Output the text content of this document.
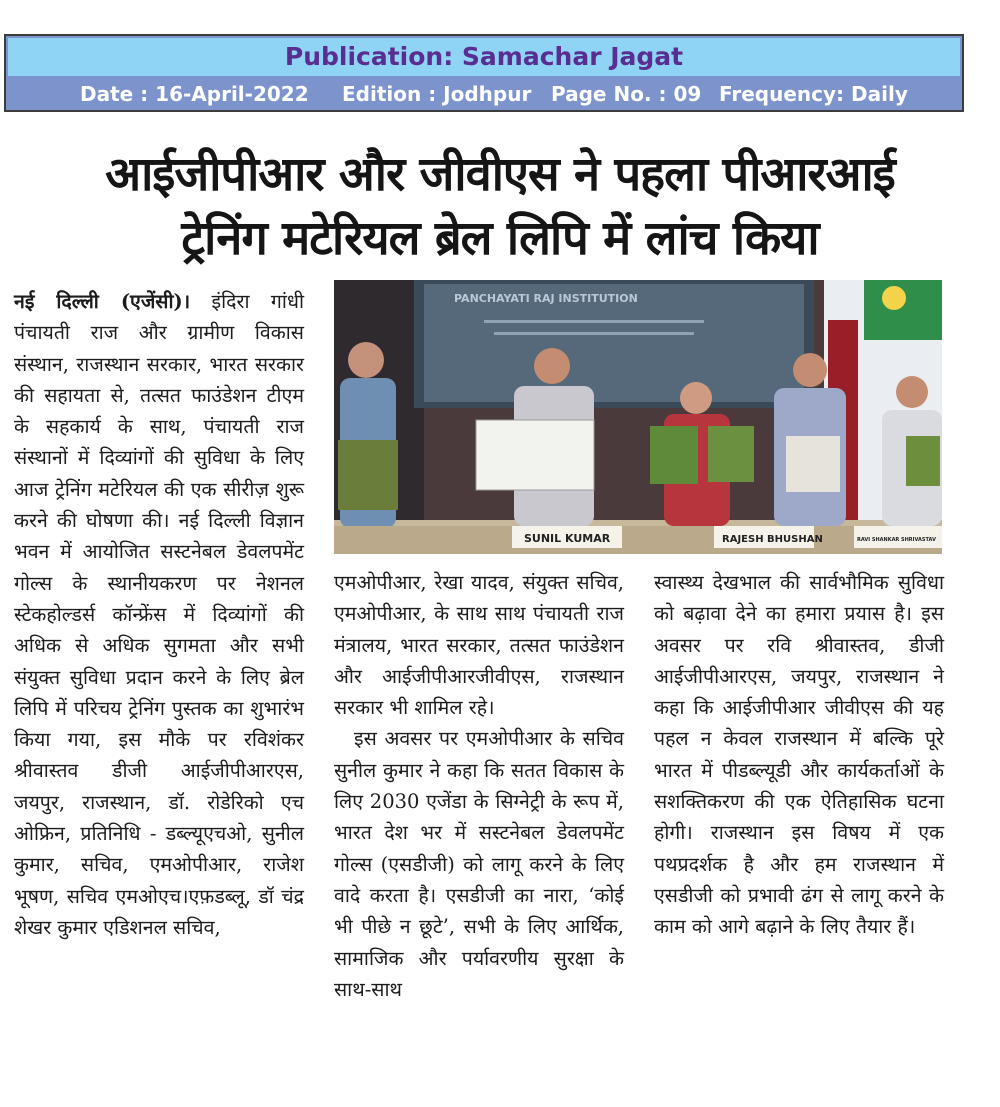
Publication: Samachar Jagat
Date : 16-April-2022 Edition : Jodhpur Page No. : 09 Frequency: Daily
आईजीपीआर और जीवीएस ने पहला पीआरआई
ट्रेनिंग मटेरियल ब्रेल लिपि में लांच किया

नई दिल्ली (एजेंसी)। इंदिरा गांधी पंचायती राज और ग्रामीण विकास संस्थान, राजस्थान सरकार, भारत सरकार की सहायता से, तत्सत फाउंडेशन टीएम के सहकार्य के साथ, पंचायती राज संस्थानों में दिव्यांगों की सुविधा के लिए आज ट्रेनिंग मटेरियल की एक सीरीज़ शुरू करने की घोषणा की। नई दिल्ली विज्ञान भवन में आयोजित सस्टनेबल डेवलपमेंट गोल्स के स्थानीयकरण पर नेशनल स्टेकहोल्डर्स कॉन्फ्रेंस में दिव्यांगों की अधिक से अधिक सुगमता और सभी संयुक्त सुविधा प्रदान करने के लिए ब्रेल लिपि में परिचय ट्रेनिंग पुस्तक का शुभारंभ किया गया, इस मौके पर रविशंकर श्रीवास्तव डीजी आईजीपीआरएस, जयपुर, राजस्थान, डॉ. रोडेरिको एच ओफ्रिन, प्रतिनिधि - डब्ल्यूएचओ, सुनील कुमार, सचिव, एमओपीआर, राजेश भूषण, सचिव एमओएच।एफ़डब्लू, डॉ चंद्र शेखर कुमार एडिशनल सचिव,

PANCHAYATI RAJ INSTITUTION
SUNIL KUMAR	RAJESH BHUSHAN	RAVI SHANKAR SHRIVASTAV

एमओपीआर, रेखा यादव, संयुक्त सचिव, एमओपीआर, के साथ साथ पंचायती राज मंत्रालय, भारत सरकार, तत्सत फाउंडेशन और आईजीपीआरजीवीएस, राजस्थान सरकार भी शामिल रहे।

इस अवसर पर एमओपीआर के सचिव सुनील कुमार ने कहा कि सतत विकास के लिए 2030 एजेंडा के सिग्नेट्री के रूप में, भारत देश भर में सस्टनेबल डेवलपमेंट गोल्स (एसडीजी) को लागू करने के लिए वादे करता है। एसडीजी का नारा, ‘कोई भी पीछे न छूटे’, सभी के लिए आर्थिक, सामाजिक और पर्यावरणीय सुरक्षा के साथ-साथ

स्वास्थ्य देखभाल की सार्वभौमिक सुविधा को बढ़ावा देने का हमारा प्रयास है। इस अवसर पर रवि श्रीवास्तव, डीजी आईजीपीआरएस, जयपुर, राजस्थान ने कहा कि आईजीपीआर जीवीएस की यह पहल न केवल राजस्थान में बल्कि पूरे भारत में पीडब्ल्यूडी और कार्यकर्ताओं के सशक्तिकरण की एक ऐतिहासिक घटना होगी। राजस्थान इस विषय में एक पथप्रदर्शक है और हम राजस्थान में एसडीजी को प्रभावी ढंग से लागू करने के काम को आगे बढ़ाने के लिए तैयार हैं।
